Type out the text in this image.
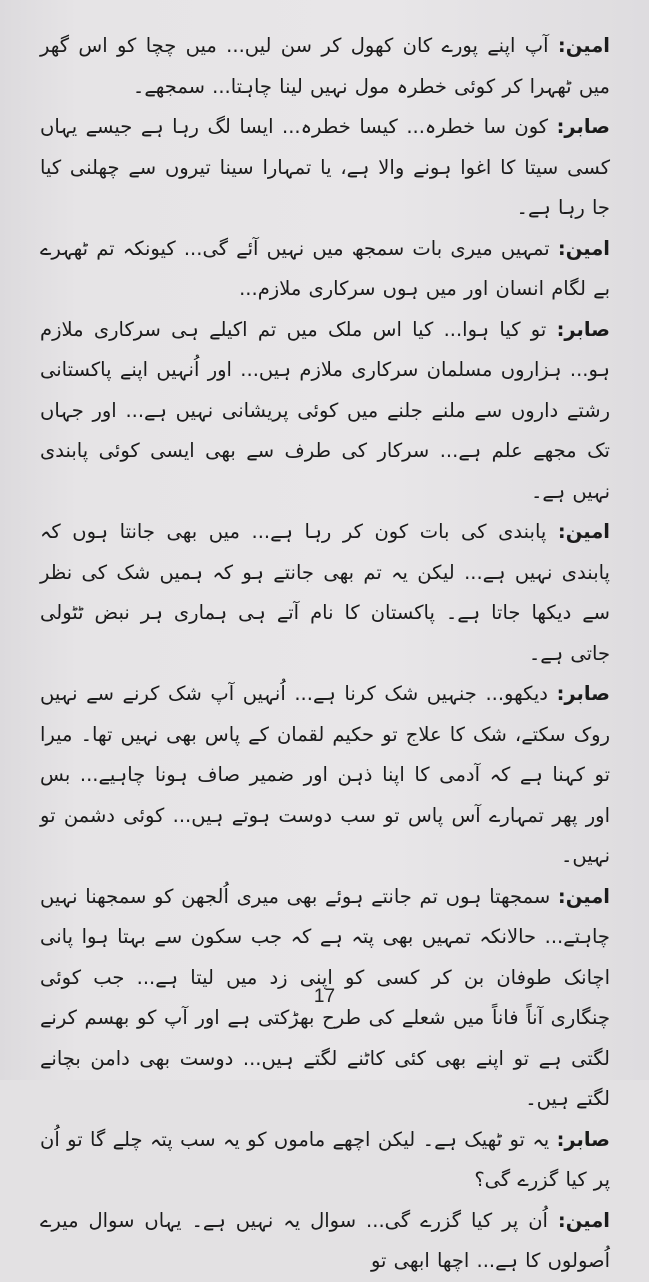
امین: آپ اپنے پورے کان کھول کر سن لیں... میں چچا کو اس گھر میں ٹھہرا کر کوئی خطرہ مول نہیں لینا چاہتا... سمجھے۔

صابر: کون سا خطرہ... کیسا خطرہ... ایسا لگ رہا ہے جیسے یہاں کسی سیتا کا اغوا ہونے والا ہے، یا تمہارا سینا تیروں سے چھلنی کیا جا رہا ہے۔

امین: تمہیں میری بات سمجھ میں نہیں آئے گی... کیونکہ تم ٹھہرے بے لگام انسان اور میں ہوں سرکاری ملازم...

صابر: تو کیا ہوا... کیا اس ملک میں تم اکیلے ہی سرکاری ملازم ہو... ہزاروں مسلمان سرکاری ملازم ہیں... اور اُنہیں اپنے پاکستانی رشتے داروں سے ملنے جلنے میں کوئی پریشانی نہیں ہے... اور جہاں تک مجھے علم ہے... سرکار کی طرف سے بھی ایسی کوئی پابندی نہیں ہے۔

امین: پابندی کی بات کون کر رہا ہے... میں بھی جانتا ہوں کہ پابندی نہیں ہے... لیکن یہ تم بھی جانتے ہو کہ ہمیں شک کی نظر سے دیکھا جاتا ہے۔ پاکستان کا نام آتے ہی ہماری ہر نبض ٹٹولی جاتی ہے۔

صابر: دیکھو... جنہیں شک کرنا ہے... اُنہیں آپ شک کرنے سے نہیں روک سکتے، شک کا علاج تو حکیم لقمان کے پاس بھی نہیں تھا۔ میرا تو کہنا ہے کہ آدمی کا اپنا ذہن اور ضمیر صاف ہونا چاہیے... بس اور پھر تمہارے آس پاس تو سب دوست ہوتے ہیں... کوئی دشمن تو نہیں۔

امین: سمجھتا ہوں تم جانتے ہوئے بھی میری اُلجھن کو سمجھنا نہیں چاہتے... حالانکہ تمہیں بھی پتہ ہے کہ جب سکون سے بہتا ہوا پانی اچانک طوفان بن کر کسی کو اپنی زد میں لیتا ہے... جب کوئی چنگاری آناً فاناً میں شعلے کی طرح بھڑکتی ہے اور آپ کو بھسم کرنے لگتی ہے تو اپنے بھی کئی کاٹنے لگتے ہیں... دوست بھی دامن بچانے لگتے ہیں۔

صابر: یہ تو ٹھیک ہے۔ لیکن اچھے ماموں کو یہ سب پتہ چلے گا تو اُن پر کیا گزرے گی؟

امین: اُن پر کیا گزرے گی... سوال یہ نہیں ہے۔ یہاں سوال میرے اُصولوں کا ہے... اچھا ابھی تو

17
